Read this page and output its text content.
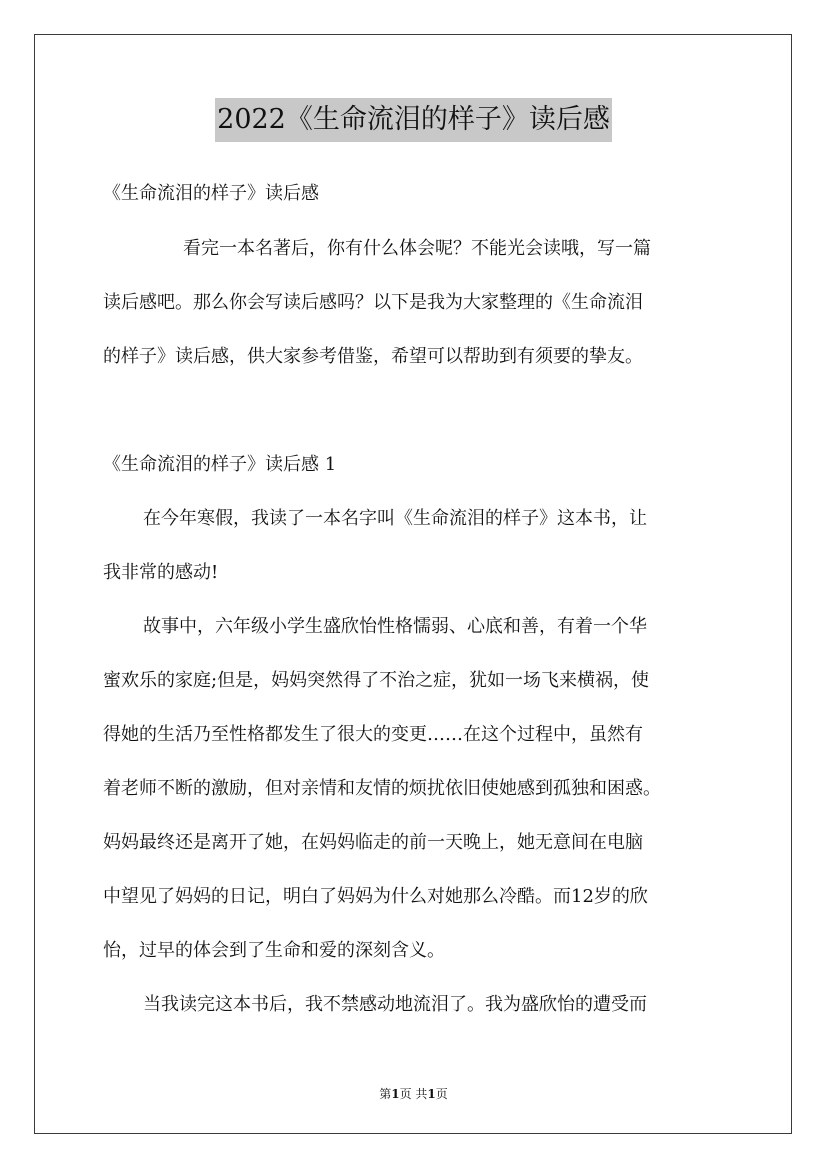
2022《生命流泪的样子》读后感
《生命流泪的样子》读后感
看完一本名著后，你有什么体会呢？不能光会读哦，写一篇
读后感吧。那么你会写读后感吗？以下是我为大家整理的《生命流泪
的样子》读后感，供大家参考借鉴，希望可以帮助到有须要的挚友。
《生命流泪的样子》读后感 1
在今年寒假，我读了一本名字叫《生命流泪的样子》这本书，让
我非常的感动!
故事中，六年级小学生盛欣怡性格懦弱、心底和善，有着一个华
蜜欢乐的家庭;但是，妈妈突然得了不治之症，犹如一场飞来横祸，使
得她的生活乃至性格都发生了很大的变更……在这个过程中，虽然有
着老师不断的激励，但对亲情和友情的烦扰依旧使她感到孤独和困惑。
妈妈最终还是离开了她，在妈妈临走的前一天晚上，她无意间在电脑
中望见了妈妈的日记，明白了妈妈为什么对她那么冷酷。而12岁的欣
怡，过早的体会到了生命和爱的深刻含义。
当我读完这本书后，我不禁感动地流泪了。我为盛欣怡的遭受而
第1页 共1页
